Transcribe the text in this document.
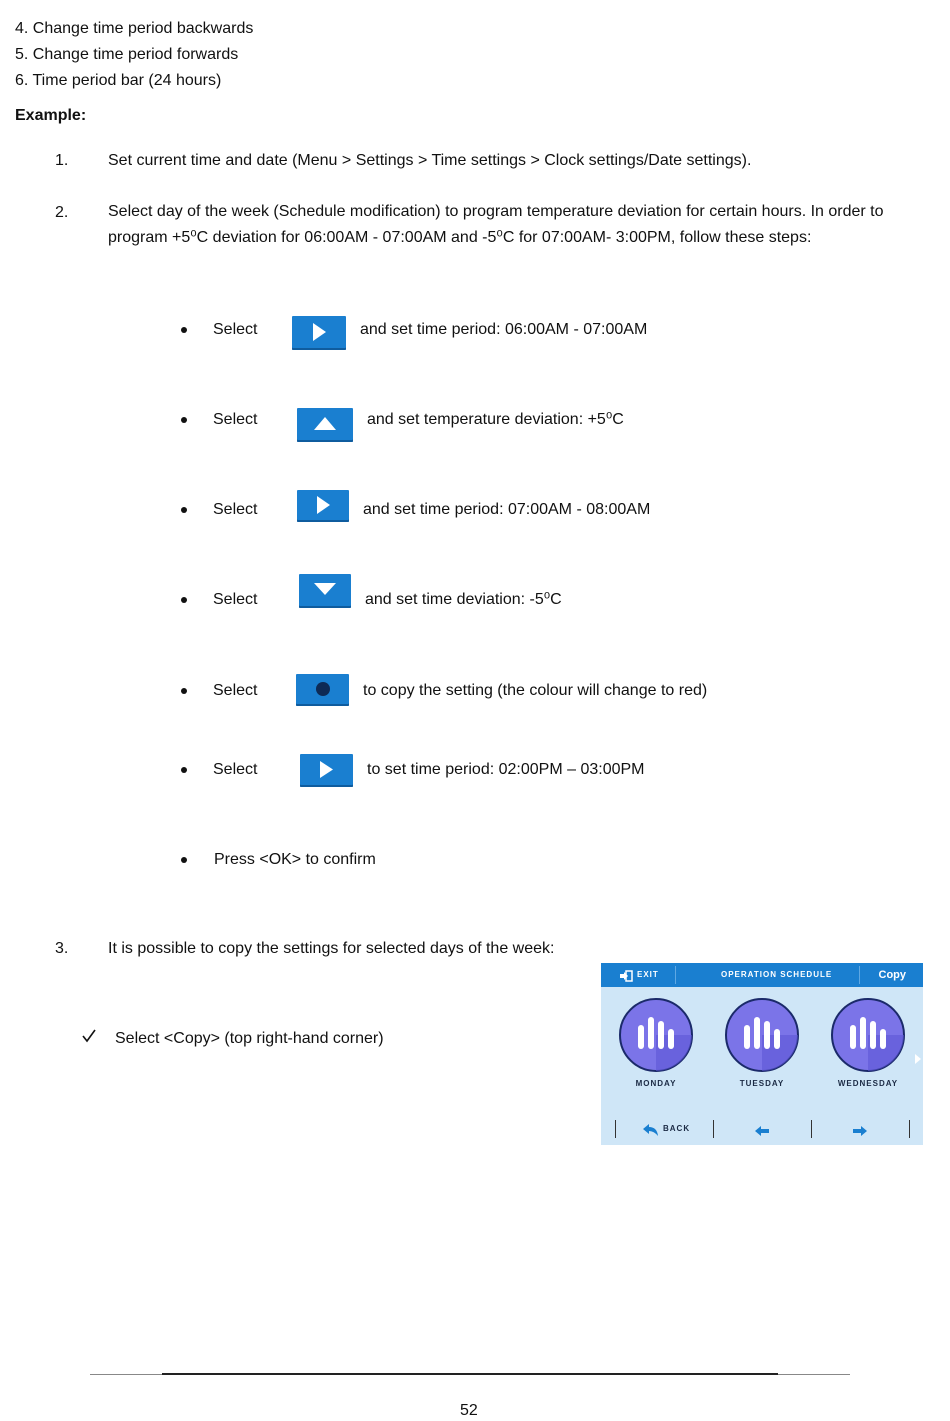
4. Change time period backwards
5. Change time period forwards
6. Time period bar (24 hours)
Example:
1. Set current time and date (Menu > Settings > Time settings > Clock settings/Date settings).
2. Select day of the week (Schedule modification) to program temperature deviation for certain hours. In order to program +5⁰C deviation for 06:00AM - 07:00AM and -5⁰C for 07:00AM- 3:00PM, follow these steps:
Select	and set time period: 06:00AM - 07:00AM
Select	and set temperature deviation: +5⁰C
Select	and set time period: 07:00AM - 08:00AM
Select	and set time deviation: -5⁰C
Select	to copy the setting (the colour will change to red)
Select	to set time period: 02:00PM – 03:00PM
Press <OK> to confirm
3. It is possible to copy the settings for selected days of the week:
Select <Copy> (top right-hand corner)
EXIT	OPERATION SCHEDULE	Copy
MONDAY	TUESDAY	WEDNESDAY
BACK
52
